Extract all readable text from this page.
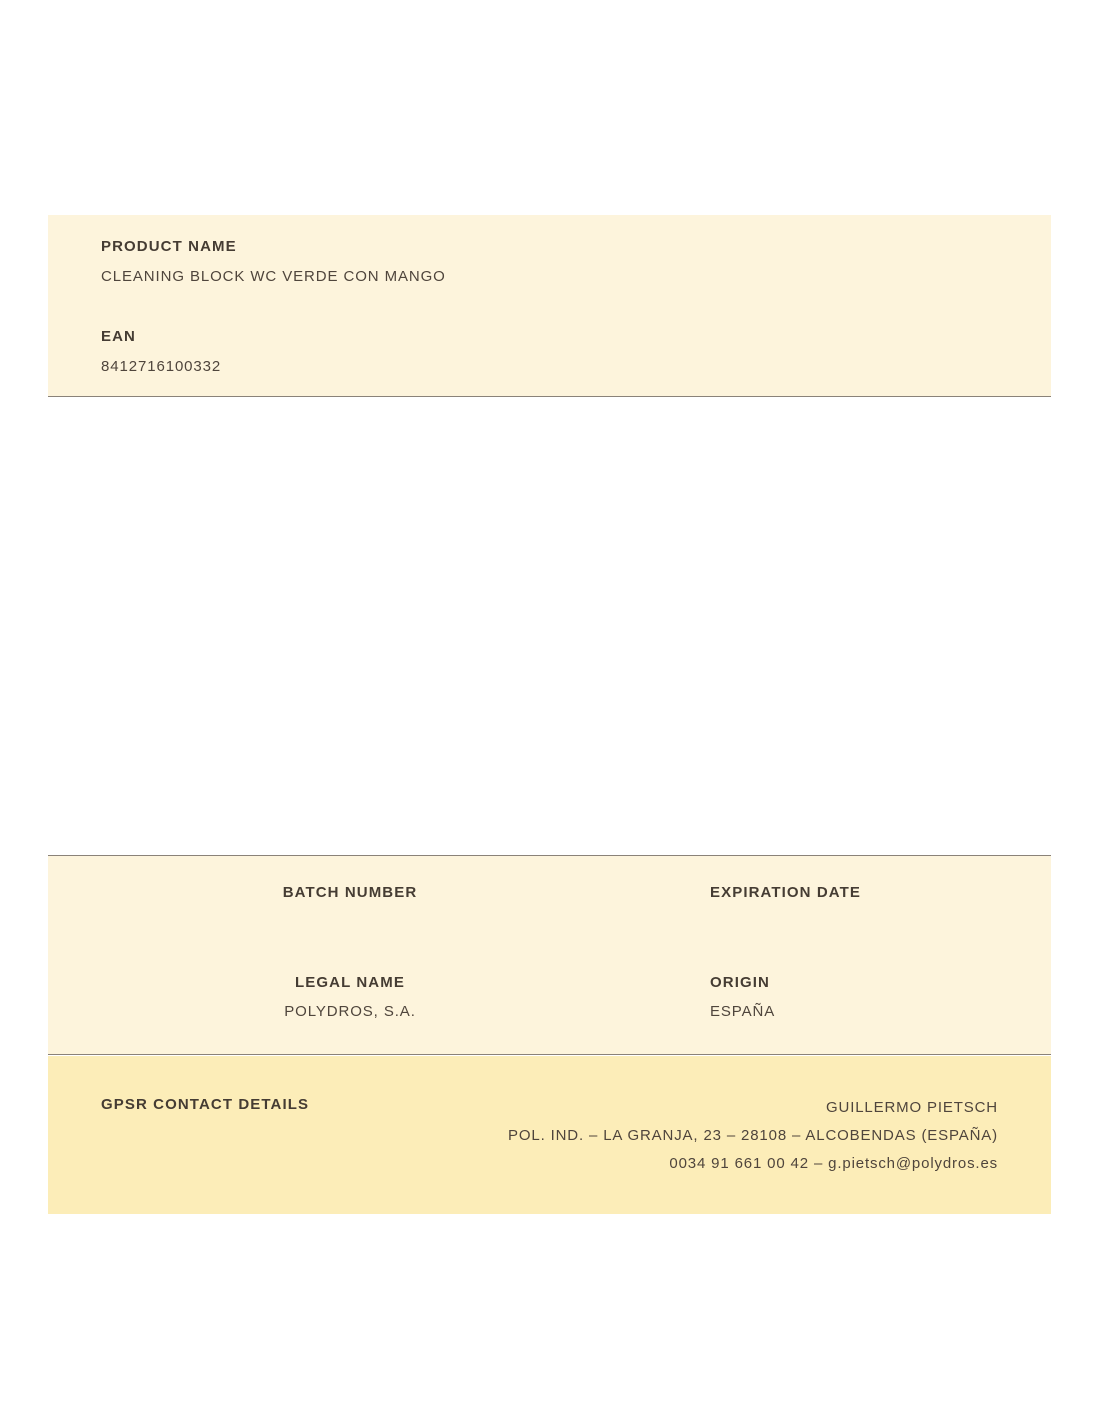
PRODUCT NAME
CLEANING BLOCK WC VERDE CON MANGO
EAN
8412716100332
BATCH NUMBER	EXPIRATION DATE
LEGAL NAME
POLYDROS, S.A.
ORIGIN
ESPAÑA
GPSR CONTACT DETAILS	GUILLERMO PIETSCH
POL. IND. – LA GRANJA, 23 – 28108 – ALCOBENDAS (ESPAÑA)
0034 91 661 00 42 – g.pietsch@polydros.es
